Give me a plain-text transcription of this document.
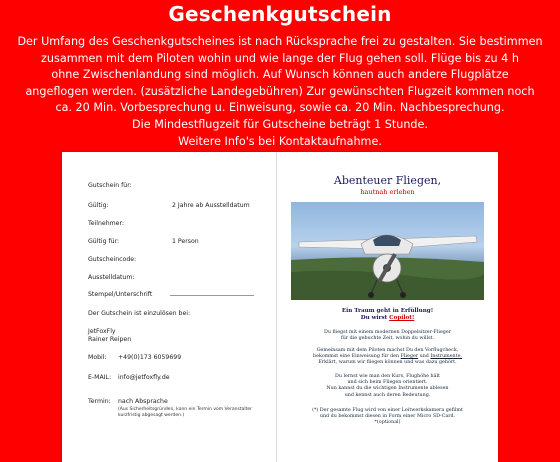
Geschenkgutschein
Der Umfang des Geschenkgutscheines ist nach Rücksprache frei zu gestalten. Sie bestimmen
zusammen mit dem Piloten wohin und wie lange der Flug gehen soll. Flüge bis zu 4 h
ohne Zwischenlandung sind möglich. Auf Wunsch können auch andere Flugplätze
angeflogen werden. (zusätzliche Landegebühren) Zur gewünschten Flugzeit kommen noch
ca. 20 Min. Vorbesprechung u. Einweisung, sowie ca. 20 Min. Nachbesprechung.
Die Mindestflugzeit für Gutscheine beträgt 1 Stunde.
Weitere Info's bei Kontaktaufnahme.
Gutschein für:
Gültig:	2 Jahre ab Ausstelldatum
Teilnehmer:
Gültig für:	1 Person
Gutscheincode:
Ausstelldatum:
Stempel/Unterschrift
Der Gutschein ist einzulösen bei:
JetFoxFly
Rainer Reipen
Mobil: +49(0)173 6059699
E-MAIL: info@jetfoxfly.de
Termin: nach Absprache
(Aus Sicherheitsgründen, kann ein Termin vom Veranstalter
kurzfristig abgesagt werden.)
Abenteuer Fliegen,
hautnah erleben
Ein Traum geht in Erfüllung!
Du wirst Copilot!
Du fliegst mit einem modernen Doppelsitzer-Flieger
für die gebuchte Zeit, wohin du willst.
Gemeinsam mit dem Piloten machst Du den Vorflugcheck,
bekommst eine Einweisung für den Flieger und Instrumente,
Erklärt, warum wir fliegen können und was dazu gehört.
Du lernst wie man den Kurs, Flughöhe hält
und sich beim Fliegen orientiert.
Nun kannst du die wichtigen Instrumente ablesen
und kennst auch deren Bedeutung.
(*) Der gesamte Flug wird von einer Leitwerkskamera gefilmt
und du bekommst diesen in Form einer Micro SD-Card.
*(optional)
